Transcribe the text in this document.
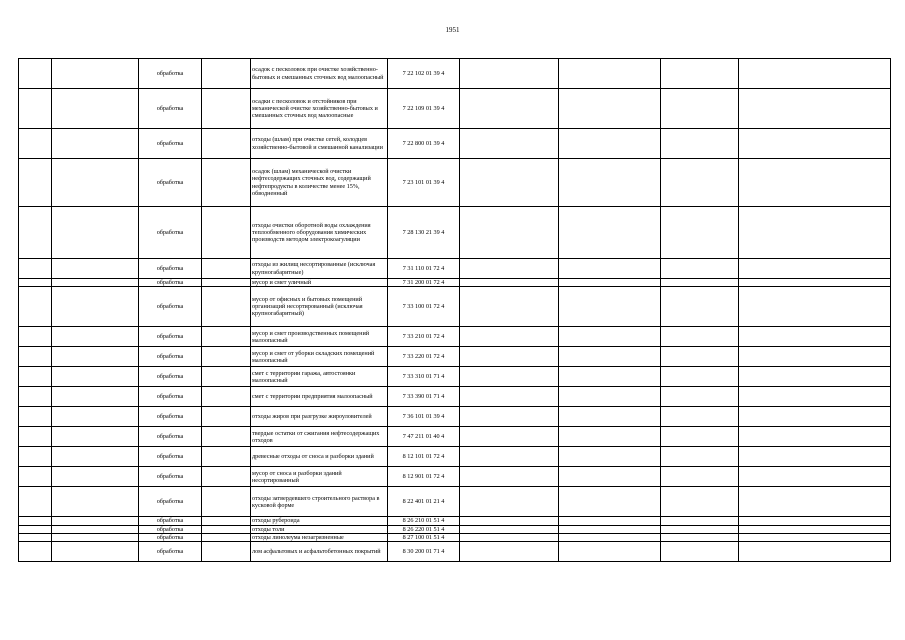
1951
		обработка		осадок с песколовок при очистке хозяйственно-бытовых и смешанных сточных вод малоопасный	7 22 102 01 39 4				
		обработка		осадки с песколовок и отстойников при механической очистке хозяйственно-бытовых и смешанных сточных вод малоопасные	7 22 109 01 39 4				
		обработка		отходы (шлам) при очистке сетей, колодцев хозяйственно-бытовой и смешанной канализации	7 22 800 01 39 4				
		обработка		осадок (шлам) механической очистки нефтесодержащих сточных вод, содержащий нефтепродукты в количестве менее 15%, обводненный	7 23 101 01 39 4				
		обработка		отходы очистки оборотной воды охлаждения теплообменного оборудования химических производств методом электрокоагуляции	7 28 130 21 39 4				
		обработка		отходы из жилищ несортированные (исключая крупногабаритные)	7 31 110 01 72 4				
		обработка		мусор и смет уличный	7 31 200 01 72 4				
		обработка		мусор от офисных и бытовых помещений организаций несортированный (исключая крупногабаритный)	7 33 100 01 72 4				
		обработка		мусор и смет производственных помещений малоопасный	7 33 210 01 72 4				
		обработка		мусор и смет от уборки складских помещений малоопасный	7 33 220 01 72 4				
		обработка		смет с территории гаража, автостоянки малоопасный	7 33 310 01 71 4				
		обработка		смет с территории предприятия малоопасный	7 33 390 01 71 4				
		обработка		отходы жиров при разгрузке жироуловителей	7 36 101 01 39 4				
		обработка		твердые остатки от сжигания нефтесодержащих отходов	7 47 211 01 40 4				
		обработка		древесные отходы от сноса и разборки зданий	8 12 101 01 72 4				
		обработка		мусор от сноса и разборки зданий несортированный	8 12 901 01 72 4				
		обработка		отходы затвердевшего строительного раствора в кусковой форме	8 22 401 01 21 4				
		обработка		отходы рубероида	8 26 210 01 51 4				
		обработка		отходы толи	8 26 220 01 51 4				
		обработка		отходы линолеума незагрязненные	8 27 100 01 51 4				
		обработка		лом асфальтовых и асфальтобетонных покрытий	8 30 200 01 71 4				
